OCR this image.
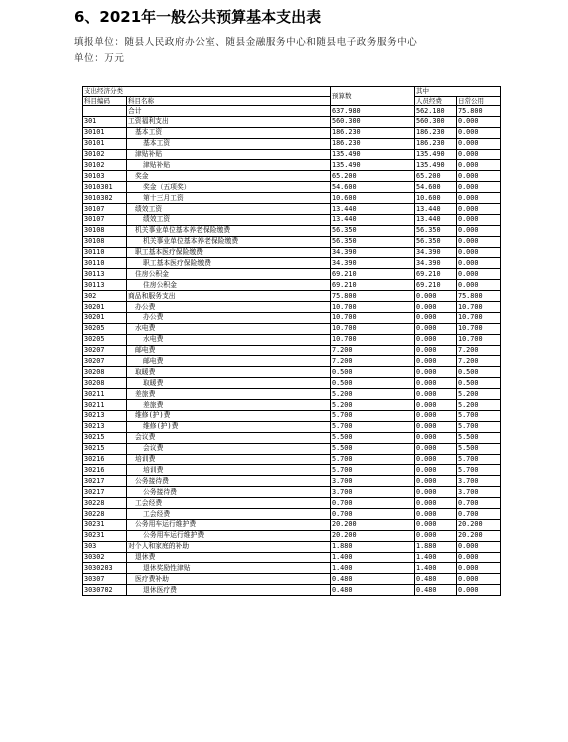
6、2021年一般公共预算基本支出表
填报单位：随县人民政府办公室、随县金融服务中心和随县电子政务服务中心
单位：万元
支出经济分类		预算数	其中	
科目编码	科目名称		人员经费	日常公用
	合计	637.980	562.180	75.800
301	工资福利支出	560.300	560.300	0.000
30101	基本工资	186.230	186.230	0.000
30101	基本工资	186.230	186.230	0.000
30102	津贴补贴	135.490	135.490	0.000
30102	津贴补贴	135.490	135.490	0.000
30103	奖金	65.200	65.200	0.000
3010301	奖金（五项奖）	54.600	54.600	0.000
3010302	第十三月工资	10.600	10.600	0.000
30107	绩效工资	13.440	13.440	0.000
30107	绩效工资	13.440	13.440	0.000
30108	机关事业单位基本养老保险缴费	56.350	56.350	0.000
30108	机关事业单位基本养老保险缴费	56.350	56.350	0.000
30110	职工基本医疗保险缴费	34.390	34.390	0.000
30110	职工基本医疗保险缴费	34.390	34.390	0.000
30113	住房公积金	69.210	69.210	0.000
30113	住房公积金	69.210	69.210	0.000
302	商品和服务支出	75.800	0.000	75.800
30201	办公费	10.700	0.000	10.700
30201	办公费	10.700	0.000	10.700
30205	水电费	10.700	0.000	10.700
30205	水电费	10.700	0.000	10.700
30207	邮电费	7.200	0.000	7.200
30207	邮电费	7.200	0.000	7.200
30208	取暖费	0.500	0.000	0.500
30208	取暖费	0.500	0.000	0.500
30211	差旅费	5.200	0.000	5.200
30211	差旅费	5.200	0.000	5.200
30213	维修(护)费	5.700	0.000	5.700
30213	维修(护)费	5.700	0.000	5.700
30215	会议费	5.500	0.000	5.500
30215	会议费	5.500	0.000	5.500
30216	培训费	5.700	0.000	5.700
30216	培训费	5.700	0.000	5.700
30217	公务接待费	3.700	0.000	3.700
30217	公务接待费	3.700	0.000	3.700
30228	工会经费	0.700	0.000	0.700
30228	工会经费	0.700	0.000	0.700
30231	公务用车运行维护费	20.200	0.000	20.200
30231	公务用车运行维护费	20.200	0.000	20.200
303	对个人和家庭的补助	1.880	1.880	0.000
30302	退休费	1.400	1.400	0.000
3030203	退休奖励性津贴	1.400	1.400	0.000
30307	医疗费补助	0.480	0.480	0.000
3030702	退休医疗费	0.480	0.480	0.000
